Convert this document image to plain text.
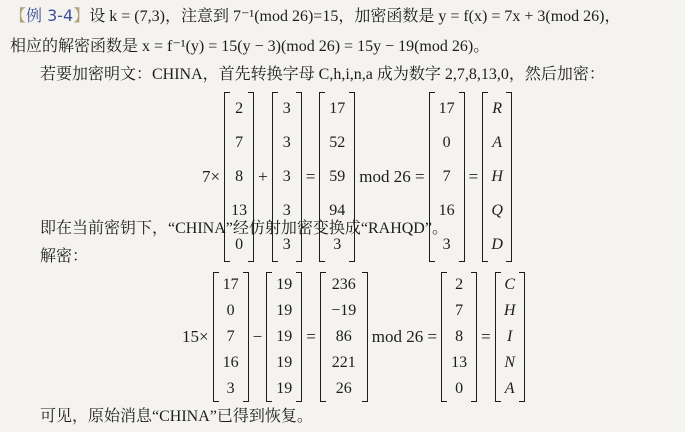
【例 3-4】设 k = (7,3)，注意到 7⁻¹(mod 26)=15，加密函数是 y = f(x) = 7x + 3(mod 26)，
相应的解密函数是 x = f⁻¹(y) = 15(y − 3)(mod 26) = 15y − 19(mod 26)。
若要加密明文：CHINA，首先转换字母 C,h,i,n,a 成为数字 2,7,8,13,0，然后加密：
7×
2
7
8
13
0
+
3
3
3
3
3
=
17
52
59
94
3
mod 26 =
17
0
7
16
3
=
R
A
H
Q
D
即在当前密钥下，“CHINA”经仿射加密变换成“RAHQD”。
解密：
15×
17
0
7
16
3
−
19
19
19
19
19
=
236
−19
86
221
26
mod 26 =
2
7
8
13
0
=
C
H
I
N
A
可见，原始消息“CHINA”已得到恢复。
